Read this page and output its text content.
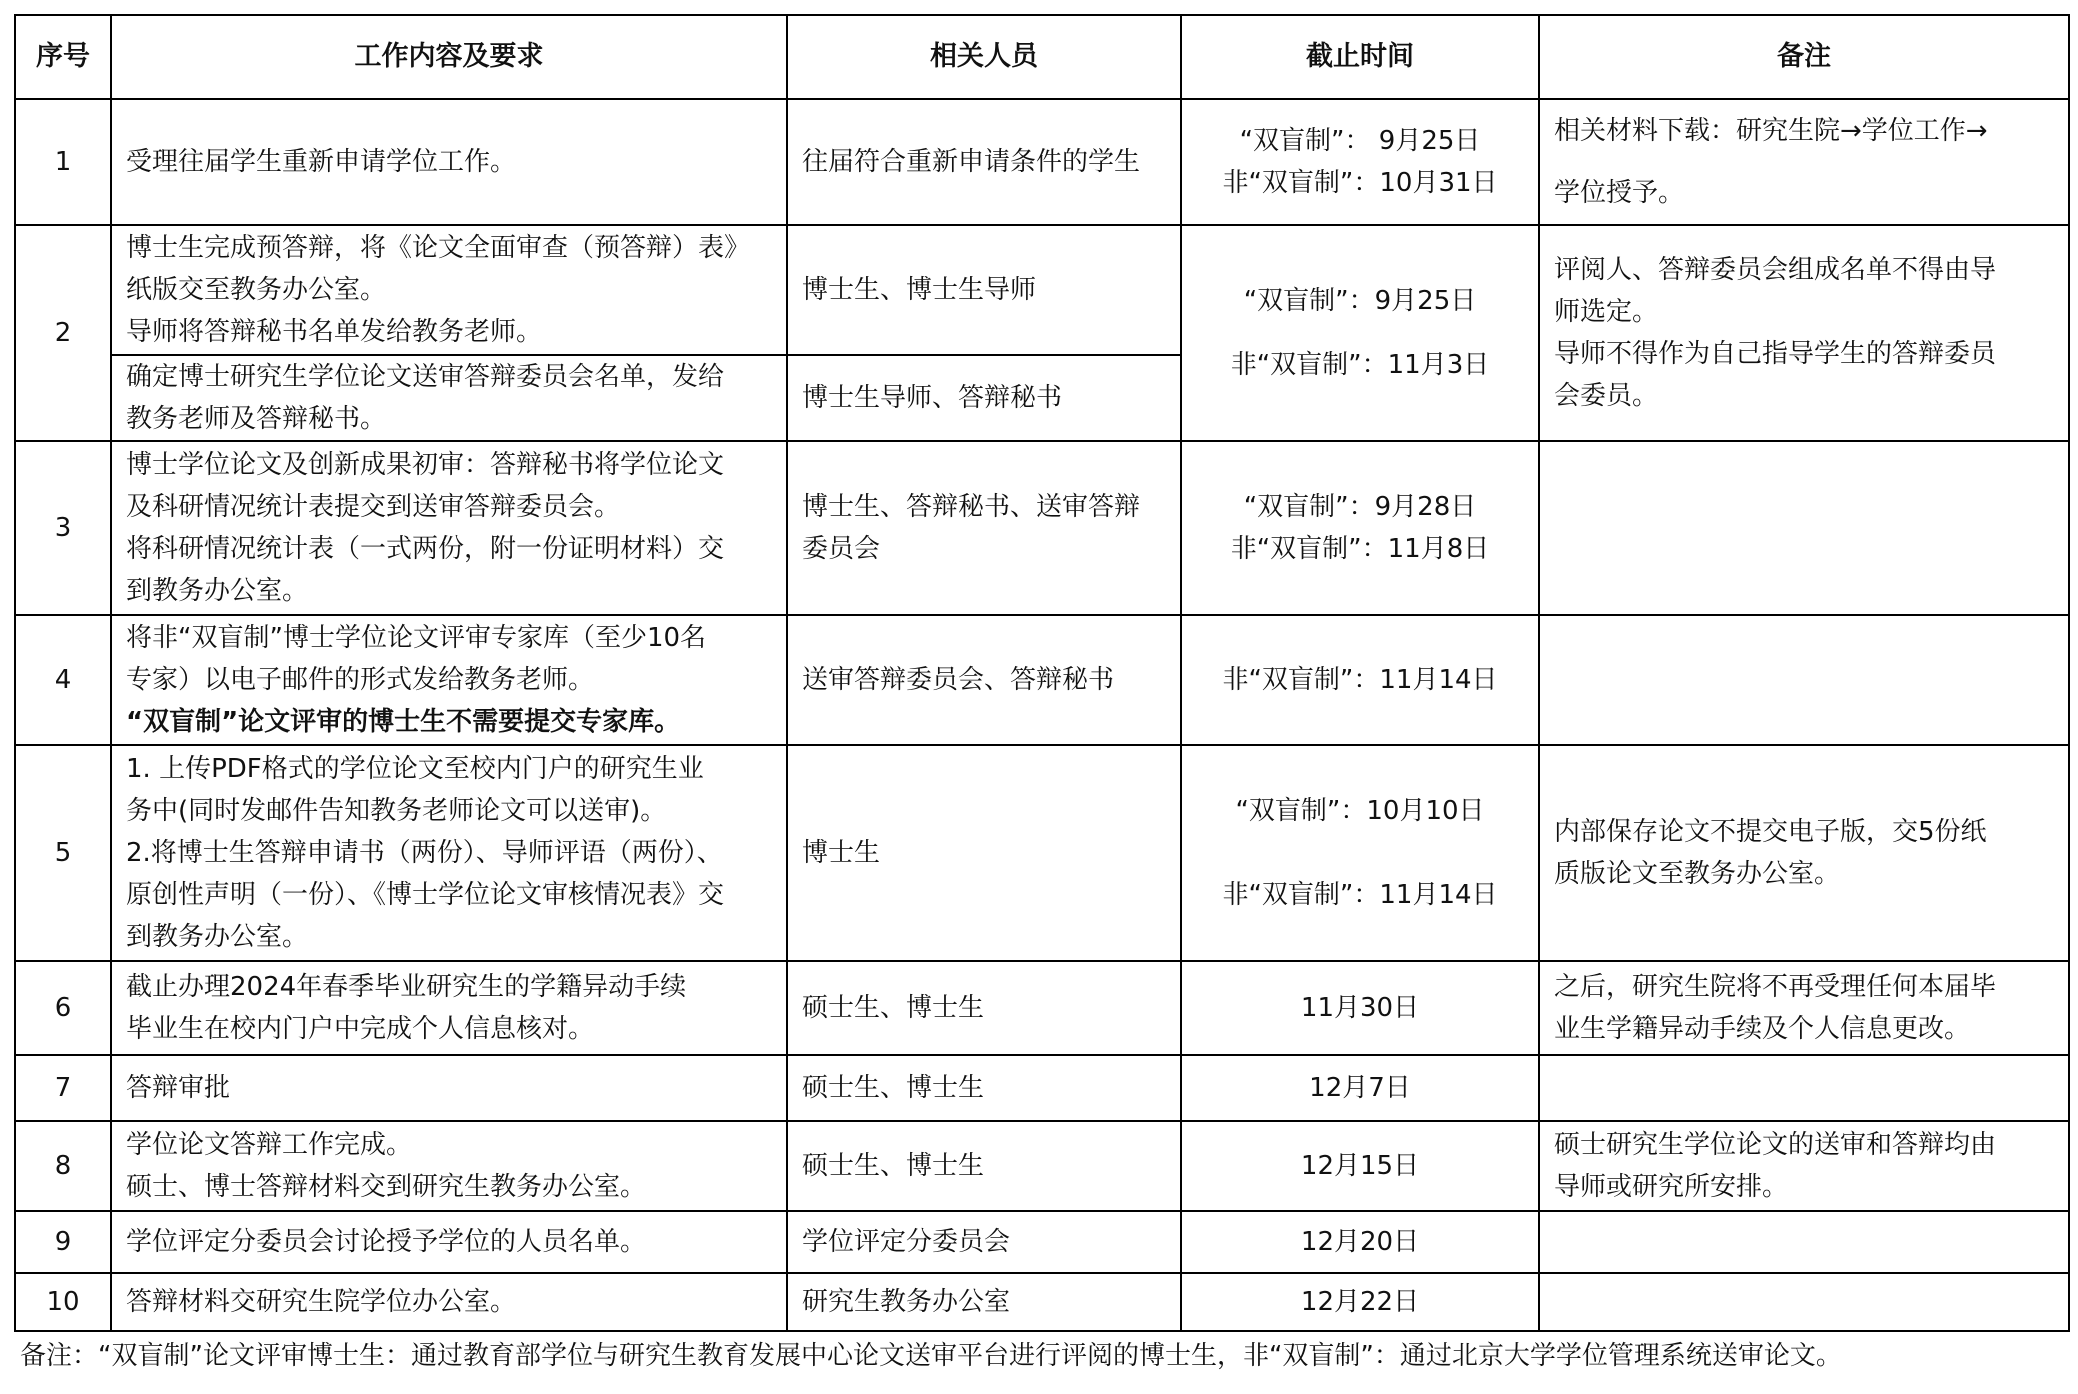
序号	工作内容及要求	相关人员	截止时间	备注
1	受理往届学生重新申请学位工作。	往届符合重新申请条件的学生	“双盲制”： 9月25日
非“双盲制”：10月31日	相关材料下载：研究生院→学位工作→
学位授予。

2	博士生完成预答辩，将《论文全面审查（预答辩）表》
纸版交至教务办公室。
导师将答辩秘书名单发给教务老师。	博士生、博士生导师	“双盲制”：9月25日
非“双盲制”：11月3日	评阅人、答辩委员会组成名单不得由导
师选定。
导师不得作为自己指导学生的答辩委员
会委员。

	确定博士研究生学位论文送审答辩委员会名单，发给
教务老师及答辩秘书。	博士生导师、答辩秘书		

3	博士学位论文及创新成果初审：答辩秘书将学位论文
及科研情况统计表提交到送审答辩委员会。
将科研情况统计表（一式两份，附一份证明材料）交
到教务办公室。	博士生、答辩秘书、送审答辩
委员会	“双盲制”：9月28日
非“双盲制”：11月8日	

4	将非“双盲制”博士学位论文评审专家库（至少10名
专家）以电子邮件的形式发给教务老师。
“双盲制”论文评审的博士生不需要提交专家库。	送审答辩委员会、答辩秘书	非“双盲制”：11月14日	

5	1. 上传PDF格式的学位论文至校内门户的研究生业
务中(同时发邮件告知教务老师论文可以送审)。
2.将博士生答辩申请书（两份）、导师评语（两份）、
原创性声明（一份）、《博士学位论文审核情况表》交
到教务办公室。	博士生	“双盲制”：10月10日
非“双盲制”：11月14日	内部保存论文不提交电子版，交5份纸
质版论文至教务办公室。

6	截止办理2024年春季毕业研究生的学籍异动手续
毕业生在校内门户中完成个人信息核对。	硕士生、博士生	11月30日	之后，研究生院将不再受理任何本届毕
业生学籍异动手续及个人信息更改。

7	答辩审批	硕士生、博士生	12月7日	

8	学位论文答辩工作完成。
硕士、博士答辩材料交到研究生教务办公室。	硕士生、博士生	12月15日	硕士研究生学位论文的送审和答辩均由
导师或研究所安排。

9	学位评定分委员会讨论授予学位的人员名单。	学位评定分委员会	12月20日	

10	答辩材料交研究生院学位办公室。	研究生教务办公室	12月22日	

备注：“双盲制”论文评审博士生：通过教育部学位与研究生教育发展中心论文送审平台进行评阅的博士生，非“双盲制”：通过北京大学学位管理系统送审论文。
